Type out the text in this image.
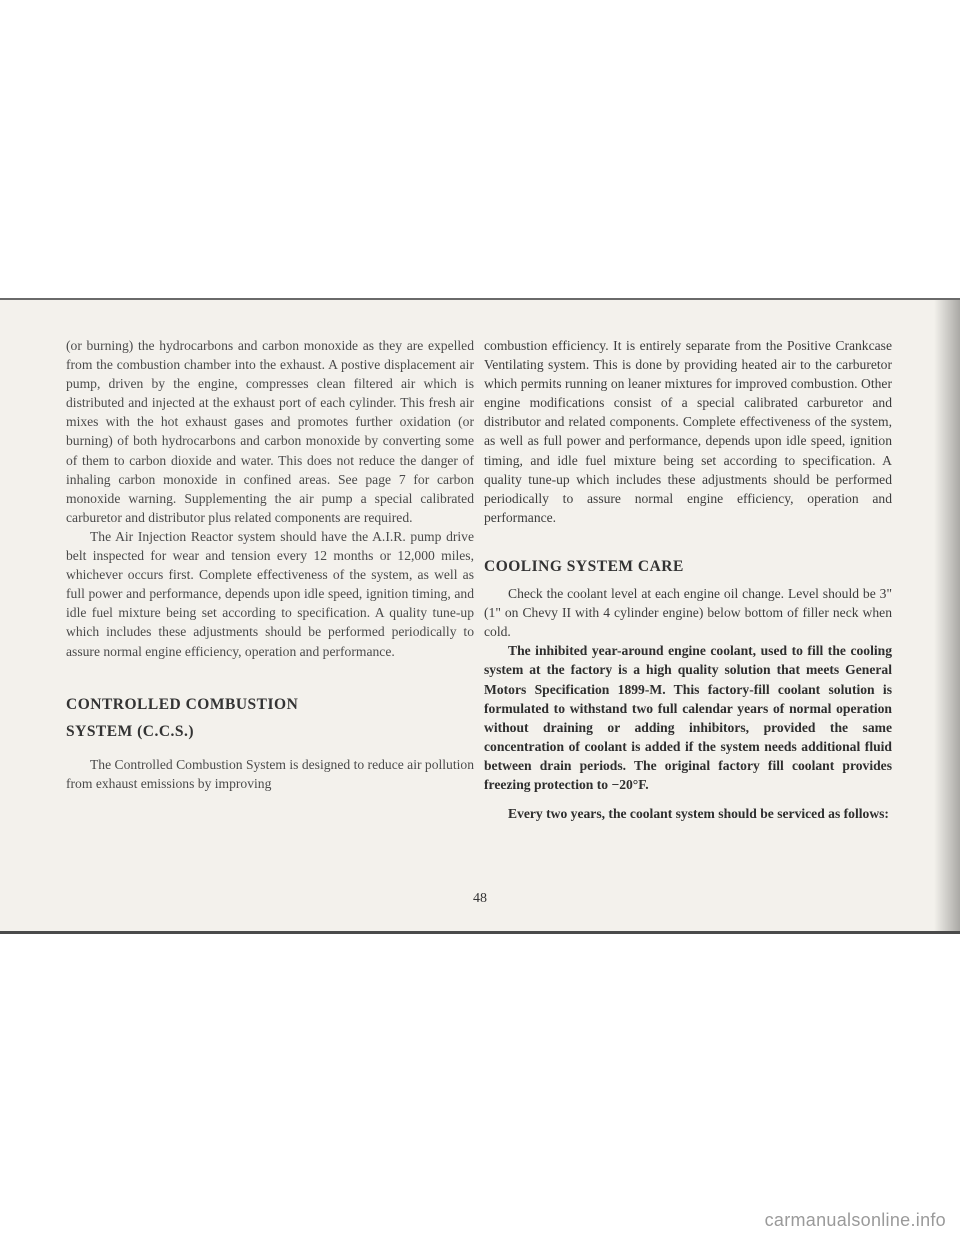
(or burning) the hydrocarbons and carbon monoxide as they are expelled from the combustion chamber into the exhaust. A postive displacement air pump, driven by the engine, compresses clean filtered air which is distributed and injected at the exhaust port of each cylinder. This fresh air mixes with the hot exhaust gases and promotes further oxidation (or burning) of both hydrocarbons and carbon monoxide by converting some of them to carbon dioxide and water. This does not reduce the danger of inhaling carbon monoxide in confined areas. See page 7 for carbon monoxide warning. Supplementing the air pump a special calibrated carburetor and distributor plus related components are required.

The Air Injection Reactor system should have the A.I.R. pump drive belt inspected for wear and tension every 12 months or 12,000 miles, whichever occurs first. Complete effectiveness of the system, as well as full power and performance, depends upon idle speed, ignition timing, and idle fuel mixture being set according to specification. A quality tune-up which includes these adjustments should be performed periodically to assure normal engine efficiency, operation and performance.

CONTROLLED COMBUSTION

SYSTEM (C.C.S.)

The Controlled Combustion System is designed to reduce air pollution from exhaust emissions by improving

combustion efficiency. It is entirely separate from the Positive Crankcase Ventilating system. This is done by providing heated air to the carburetor which permits running on leaner mixtures for improved combustion. Other engine modifications consist of a special calibrated carburetor and distributor and related components. Complete effectiveness of the system, as well as full power and performance, depends upon idle speed, ignition timing, and idle fuel mixture being set according to specification. A quality tune-up which includes these adjustments should be performed periodically to assure normal engine efficiency, operation and performance.

COOLING SYSTEM CARE

Check the coolant level at each engine oil change. Level should be 3" (1" on Chevy II with 4 cylinder engine) below bottom of filler neck when cold.

The inhibited year-around engine coolant, used to fill the cooling system at the factory is a high quality solution that meets General Motors Specification 1899-M. This factory-fill coolant solution is formulated to withstand two full calendar years of normal operation without draining or adding inhibitors, provided the same concentration of coolant is added if the system needs additional fluid between drain periods. The original factory fill coolant provides freezing protection to −20°F.

Every two years, the coolant system should be serviced as follows:

48
carmanualsonline.info
